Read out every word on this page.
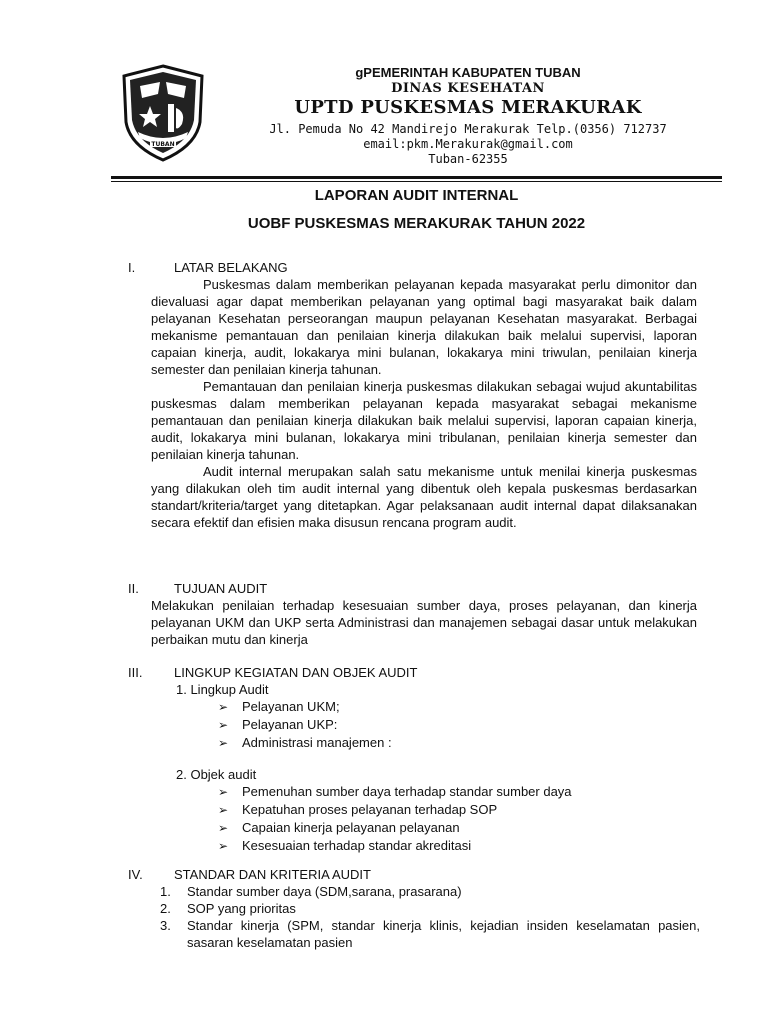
TUBAN
gPEMERINTAH KABUPATEN TUBAN
DINAS KESEHATAN
UPTD PUSKESMAS MERAKURAK
Jl. Pemuda No 42 Mandirejo Merakurak Telp.(0356) 712737
email:pkm.Merakurak@gmail.com
Tuban-62355
LAPORAN AUDIT INTERNAL
UOBF PUSKESMAS MERAKURAK TAHUN 2022
I.	LATAR BELAKANG

Puskesmas dalam memberikan pelayanan kepada masyarakat perlu dimonitor dan dievaluasi agar dapat memberikan pelayanan yang optimal bagi masyarakat baik dalam pelayanan Kesehatan perseorangan maupun pelayanan Kesehatan masyarakat. Berbagai mekanisme pemantauan dan penilaian kinerja dilakukan baik melalui supervisi, laporan capaian kinerja, audit, lokakarya mini bulanan, lokakarya mini triwulan, penilaian kinerja semester dan penilaian kinerja tahunan.

Pemantauan dan penilaian kinerja puskesmas dilakukan sebagai wujud akuntabilitas puskesmas dalam memberikan pelayanan kepada masyarakat sebagai mekanisme pemantauan dan penilaian kinerja dilakukan baik melalui supervisi, laporan capaian kinerja, audit, lokakarya mini bulanan, lokakarya mini tribulanan, penilaian kinerja semester dan penilaian kinerja tahunan.

Audit internal merupakan salah satu mekanisme untuk menilai kinerja puskesmas yang dilakukan oleh tim audit internal yang dibentuk oleh kepala puskesmas berdasarkan standart/kriteria/target yang ditetapkan. Agar pelaksanaan audit internal dapat dilaksanakan secara efektif dan efisien maka disusun rencana program audit.

II.	TUJUAN AUDIT

Melakukan penilaian terhadap kesesuaian sumber daya, proses pelayanan, dan kinerja pelayanan UKM dan UKP serta Administrasi dan manajemen sebagai dasar untuk melakukan perbaikan mutu dan kinerja

III. LINGKUP KEGIATAN DAN OBJEK AUDIT
1. Lingkup Audit
➢ Pelayanan UKM;
➢ Pelayanan UKP:
➢ Administrasi manajemen :
2. Objek audit
➢ Pemenuhan sumber daya terhadap standar sumber daya
➢ Kepatuhan proses pelayanan terhadap SOP
➢ Capaian kinerja pelayanan pelayanan
➢ Kesesuaian terhadap standar akreditasi
IV. STANDAR DAN KRITERIA AUDIT
1.	Standar sumber daya (SDM,sarana, prasarana)
2.	SOP yang prioritas
3.	Standar kinerja (SPM, standar kinerja klinis, kejadian insiden keselamatan pasien, sasaran keselamatan pasien
